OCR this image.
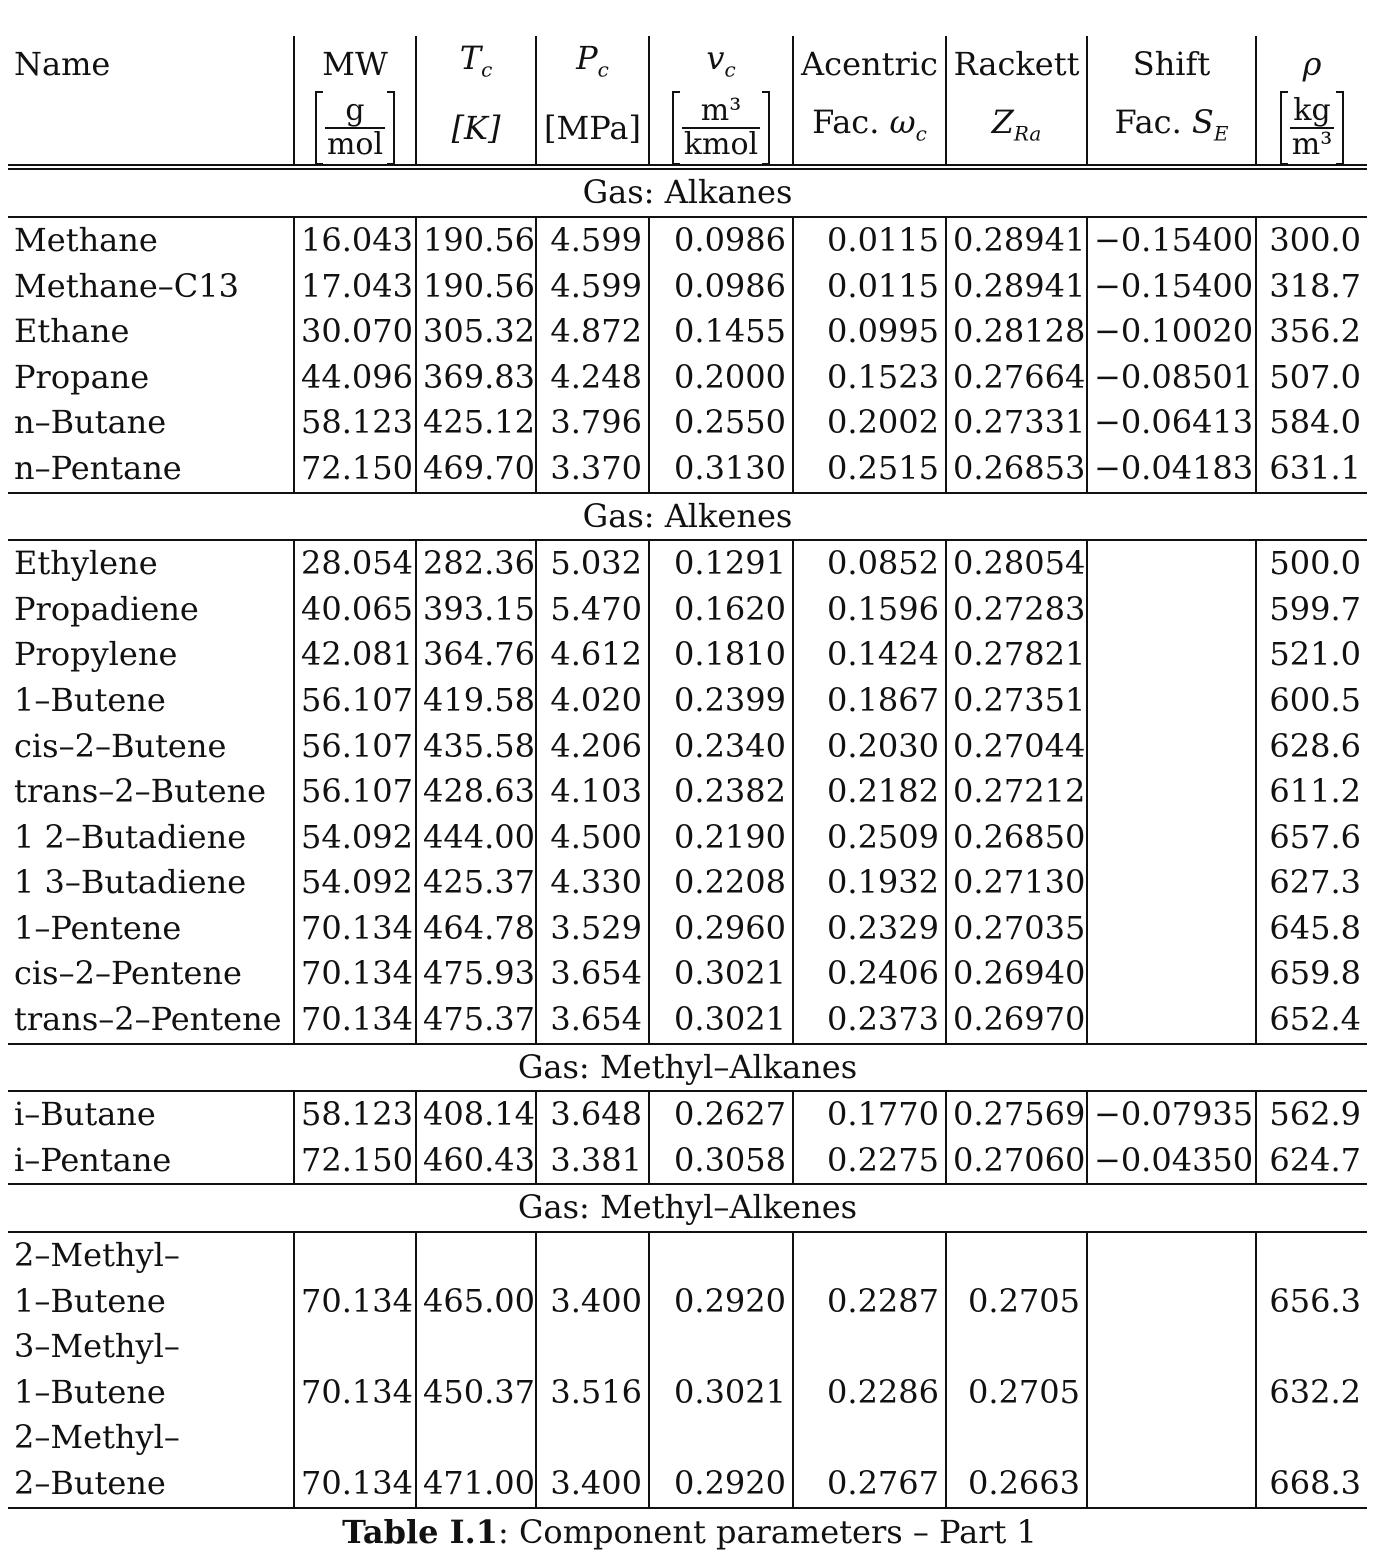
Name	MW	$T_c$	$P_c$	$v_c$	Acentric	Rackett	Shift	ρ

	$\frac{g}{\text{mol}}$	[K]	[MPa]	$\frac{\text{m³}}{\text{kmol}}$	Fac. $\omega_c$	$Z_{Ra}$	Fac. $S_E$	$\frac{kg}{\text{m³}}$

Gas: Alkanes								
Methane	16.043	190.56	4.599	0.0986	0.0115	0.28941	−0.15400	300.0
Methane–C13	17.043	190.56	4.599	0.0986	0.0115	0.28941	−0.15400	318.7
Ethane	30.070	305.32	4.872	0.1455	0.0995	0.28128	−0.10020	356.2
Propane	44.096	369.83	4.248	0.2000	0.1523	0.27664	−0.08501	507.0
n–Butane	58.123	425.12	3.796	0.2550	0.2002	0.27331	−0.06413	584.0
n–Pentane	72.150	469.70	3.370	0.3130	0.2515	0.26853	−0.04183	631.1
Gas: Alkenes								
Ethylene	28.054	282.36	5.032	0.1291	0.0852	0.28054		500.0
Propadiene	40.065	393.15	5.470	0.1620	0.1596	0.27283		599.7
Propylene	42.081	364.76	4.612	0.1810	0.1424	0.27821		521.0
1–Butene	56.107	419.58	4.020	0.2399	0.1867	0.27351		600.5
cis–2–Butene	56.107	435.58	4.206	0.2340	0.2030	0.27044		628.6
trans–2–Butene	56.107	428.63	4.103	0.2382	0.2182	0.27212		611.2
1 2–Butadiene	54.092	444.00	4.500	0.2190	0.2509	0.26850		657.6
1 3–Butadiene	54.092	425.37	4.330	0.2208	0.1932	0.27130		627.3
1–Pentene	70.134	464.78	3.529	0.2960	0.2329	0.27035		645.8
cis–2–Pentene	70.134	475.93	3.654	0.3021	0.2406	0.26940		659.8
trans–2–Pentene	70.134	475.37	3.654	0.3021	0.2373	0.26970		652.4
Gas: Methyl–Alkanes								
i–Butane	58.123	408.14	3.648	0.2627	0.1770	0.27569	−0.07935	562.9
i–Pentane	72.150	460.43	3.381	0.3058	0.2275	0.27060	−0.04350	624.7
Gas: Methyl–Alkenes								
2–Methyl–								
1–Butene	70.134	465.00	3.400	0.2920	0.2287	0.2705		656.3
3–Methyl–								
1–Butene	70.134	450.37	3.516	0.3021	0.2286	0.2705		632.2
2–Methyl–								
2–Butene	70.134	471.00	3.400	0.2920	0.2767	0.2663		668.3
Table I.1: Component parameters – Part 1
